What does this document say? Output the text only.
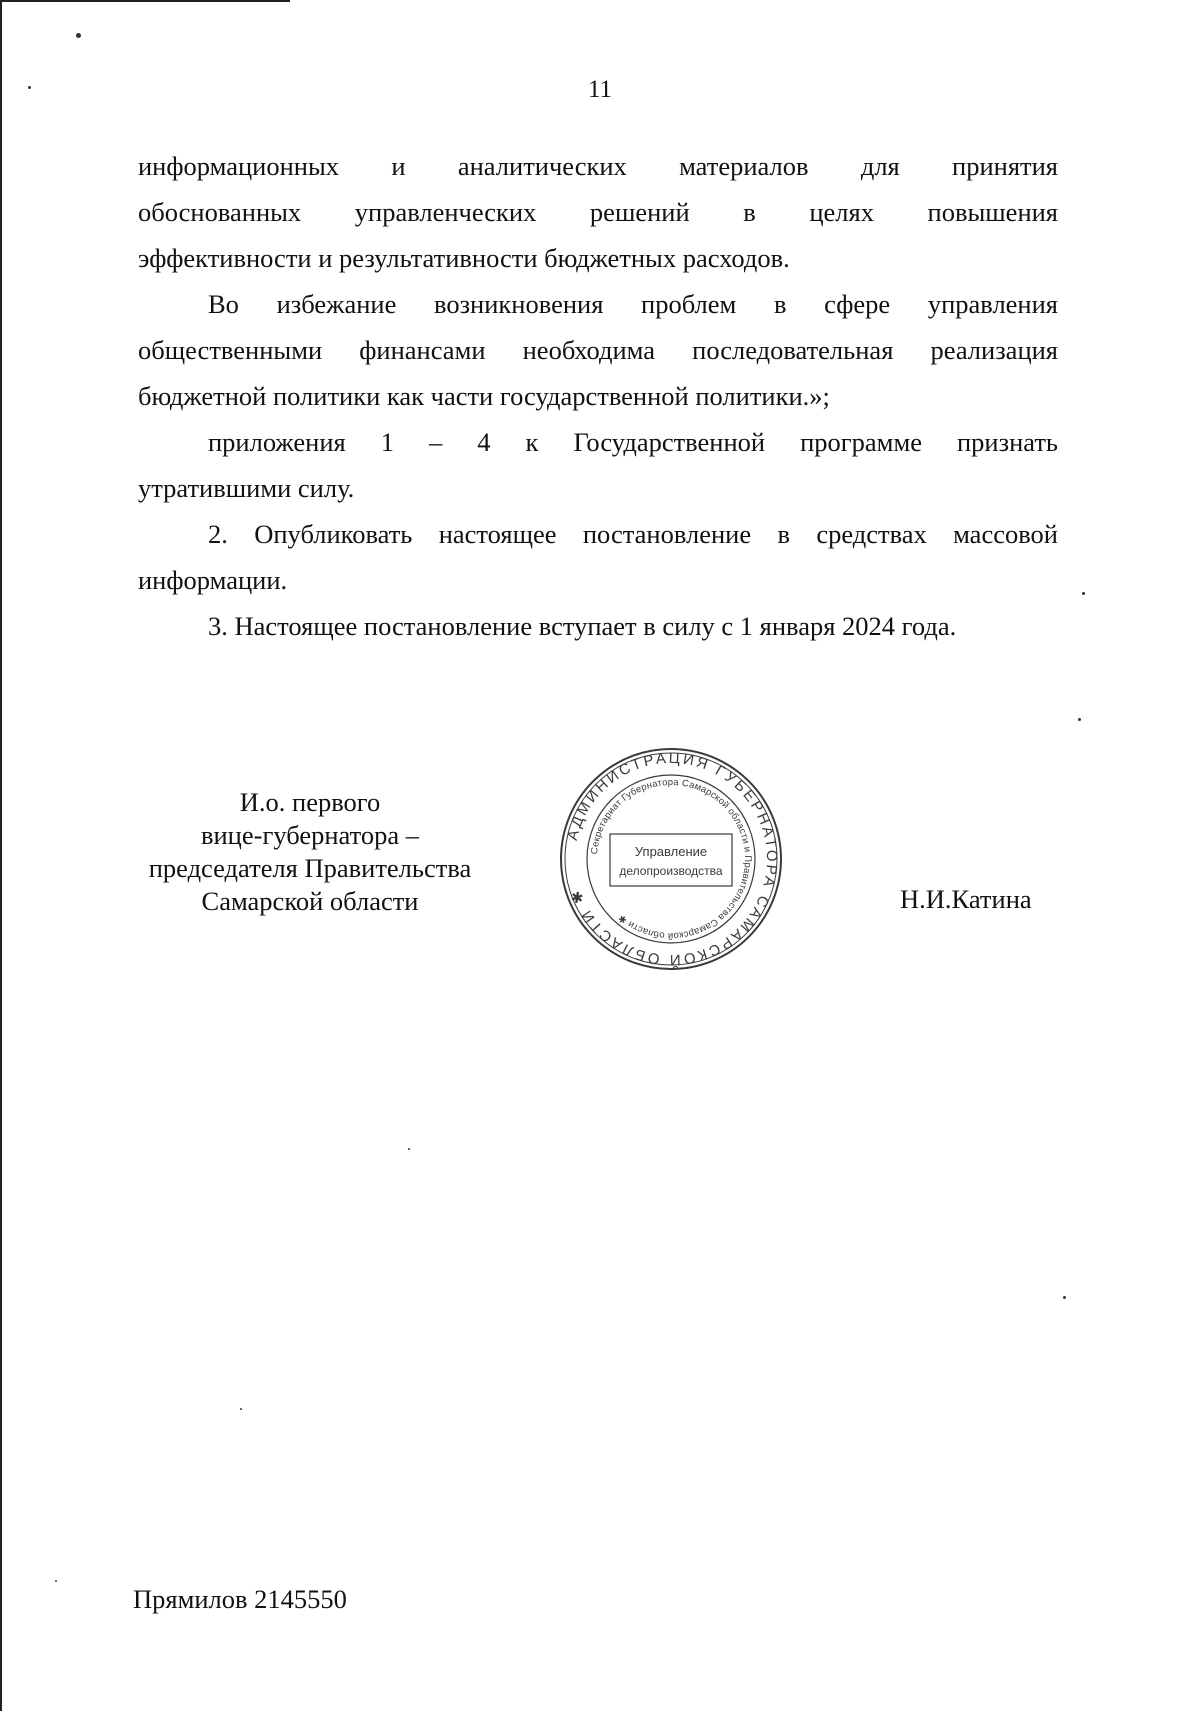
11
информационных и аналитических материалов для принятия
обоснованных управленческих решений в целях повышения
эффективности и результативности бюджетных расходов.
Во избежание возникновения проблем в сфере управления
общественными финансами необходима последовательная реализация
бюджетной политики как части государственной политики.»;
приложения 1 – 4 к Государственной программе признать
утратившими силу.
2. Опубликовать настоящее постановление в средствах массовой
информации.
3. Настоящее постановление вступает в силу с 1 января 2024 года.
И.о. первого
вице-губернатора –
председателя Правительства
Самарской области
АДМИНИСТРАЦИЯ ГУБЕРНАТОРА САМАРСКОЙ ОБЛАСТИ ✱
Секретариат Губернатора Самарской области и Правительства Самарской области ✱
Управление
делопроизводства
Н.И.Катина
Прямилов 2145550
